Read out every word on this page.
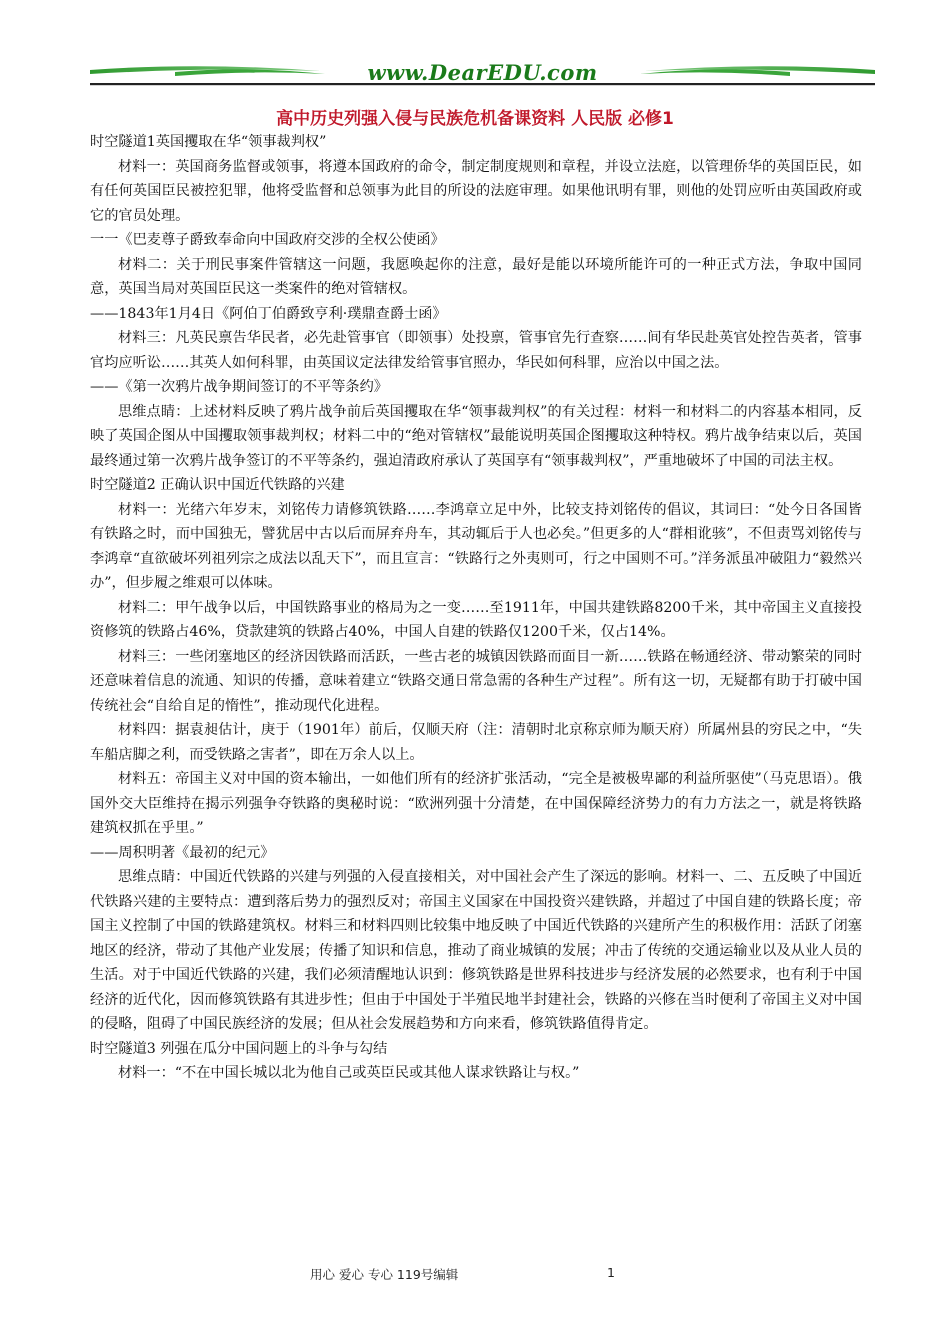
www.DearEDU.com
高中历史列强入侵与民族危机备课资料 人民版 必修1

时空隧道1英国攫取在华“领事裁判权”

材料一：英国商务监督或领事，将遵本国政府的命令，制定制度规则和章程，并设立法庭，以管理侨华的英国臣民，如有任何英国臣民被控犯罪，他将受监督和总领事为此目的所设的法庭审理。如果他讯明有罪，则他的处罚应听由英国政府或它的官员处理。

一一《巴麦尊子爵致奉命向中国政府交涉的全权公使函》

材料二：关于刑民事案件管辖这一问题，我愿唤起你的注意，最好是能以环境所能许可的一种正式方法，争取中国同意，英国当局对英国臣民这一类案件的绝对管辖权。

——1843年1月4日《阿伯丁伯爵致亨利·璞鼎查爵士函》

材料三：凡英民禀告华民者，必先赴管事官（即领事）处投禀，管事官先行查察……间有华民赴英官处控告英者，管事官均应听讼……其英人如何科罪，由英国议定法律发给管事官照办，华民如何科罪，应治以中国之法。

——《第一次鸦片战争期间签订的不平等条约》

思维点睛：上述材料反映了鸦片战争前后英国攫取在华“领事裁判权”的有关过程：材料一和材料二的内容基本相同，反映了英国企图从中国攫取领事裁判权；材料二中的“绝对管辖权”最能说明英国企图攫取这种特权。鸦片战争结束以后，英国最终通过第一次鸦片战争签订的不平等条约，强迫清政府承认了英国享有“领事裁判权”，严重地破坏了中国的司法主权。

时空隧道2 正确认识中国近代铁路的兴建

材料一：光绪六年岁末，刘铭传力请修筑铁路……李鸿章立足中外，比较支持刘铭传的倡议，其词曰：“处今日各国皆有铁路之时，而中国独无，譬犹居中古以后而屏弃舟车，其动辄后于人也必矣。”但更多的人“群相讹骇”，不但责骂刘铭传与李鸿章“直欲破坏列祖列宗之成法以乱天下”，而且宣言：“铁路行之外夷则可，行之中国则不可。”洋务派虽冲破阻力“毅然兴办”，但步履之维艰可以体味。

材料二：甲午战争以后，中国铁路事业的格局为之一变……至1911年，中国共建铁路8200千米，其中帝国主义直接投资修筑的铁路占46%，贷款建筑的铁路占40%，中国人自建的铁路仅1200千米，仅占14%。

材料三：一些闭塞地区的经济因铁路而活跃，一些古老的城镇因铁路而面目一新……铁路在畅通经济、带动繁荣的同时还意味着信息的流通、知识的传播，意味着建立“铁路交通日常急需的各种生产过程”。所有这一切，无疑都有助于打破中国传统社会“自给自足的惰性”，推动现代化进程。

材料四：据袁昶估计，庚于（1901年）前后，仅顺天府（注：清朝时北京称京师为顺天府）所属州县的穷民之中，“失车船店脚之利，而受铁路之害者”，即在万余人以上。

材料五：帝国主义对中国的资本输出，一如他们所有的经济扩张活动，“完全是被极卑鄙的利益所驱使”（马克思语）。俄国外交大臣维持在揭示列强争夺铁路的奥秘时说：“欧洲列强十分清楚，在中国保障经济势力的有力方法之一，就是将铁路建筑权抓在乎里。”

——周积明著《最初的纪元》

思维点睛：中国近代铁路的兴建与列强的入侵直接相关，对中国社会产生了深远的影响。材料一、二、五反映了中国近代铁路兴建的主要特点：遭到落后势力的强烈反对；帝国主义国家在中国投资兴建铁路，并超过了中国自建的铁路长度；帝国主义控制了中国的铁路建筑权。材料三和材料四则比较集中地反映了中国近代铁路的兴建所产生的积极作用：活跃了闭塞地区的经济，带动了其他产业发展；传播了知识和信息，推动了商业城镇的发展；冲击了传统的交通运输业以及从业人员的生活。对于中国近代铁路的兴建，我们必须清醒地认识到：修筑铁路是世界科技进步与经济发展的必然要求，也有利于中国经济的近代化，因而修筑铁路有其进步性；但由于中国处于半殖民地半封建社会，铁路的兴修在当时便利了帝国主义对中国的侵略，阻碍了中国民族经济的发展；但从社会发展趋势和方向来看，修筑铁路值得肯定。

时空隧道3 列强在瓜分中国问题上的斗争与勾结

材料一：“不在中国长城以北为他自己或英臣民或其他人谋求铁路让与权。”

用心 爱心 专心 119号编辑	1
